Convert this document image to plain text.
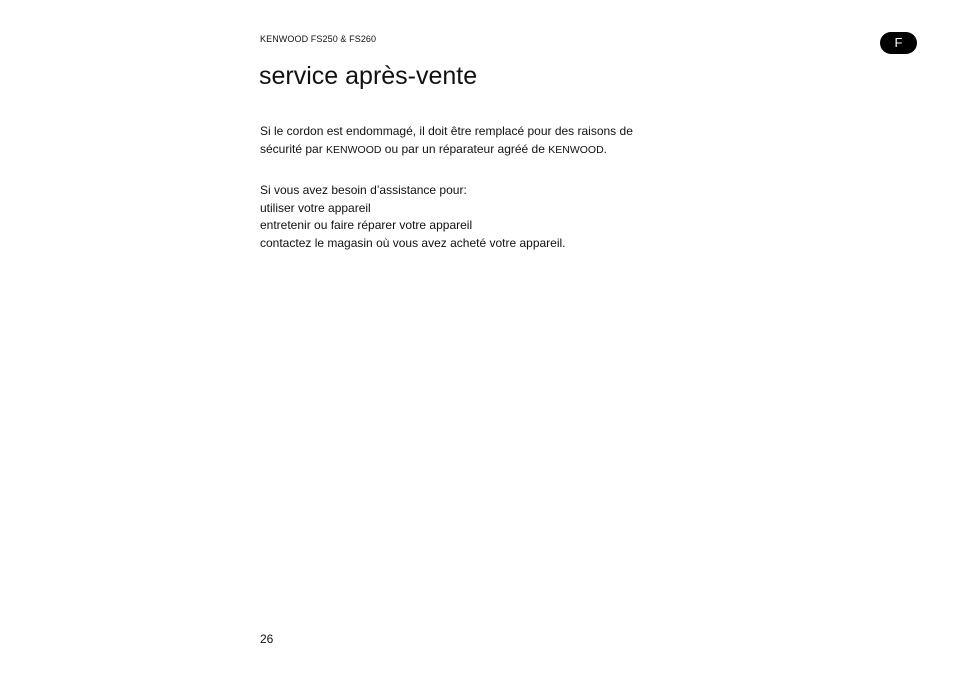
KENWOOD FS250 & FS260	F
service après-vente

Si le cordon est endommagé, il doit être remplacé pour des raisons de

sécurité par KENWOOD ou par un réparateur agréé de KENWOOD.

Si vous avez besoin d’assistance pour:

utiliser votre appareil

entretenir ou faire réparer votre appareil

contactez le magasin où vous avez acheté votre appareil.

26
